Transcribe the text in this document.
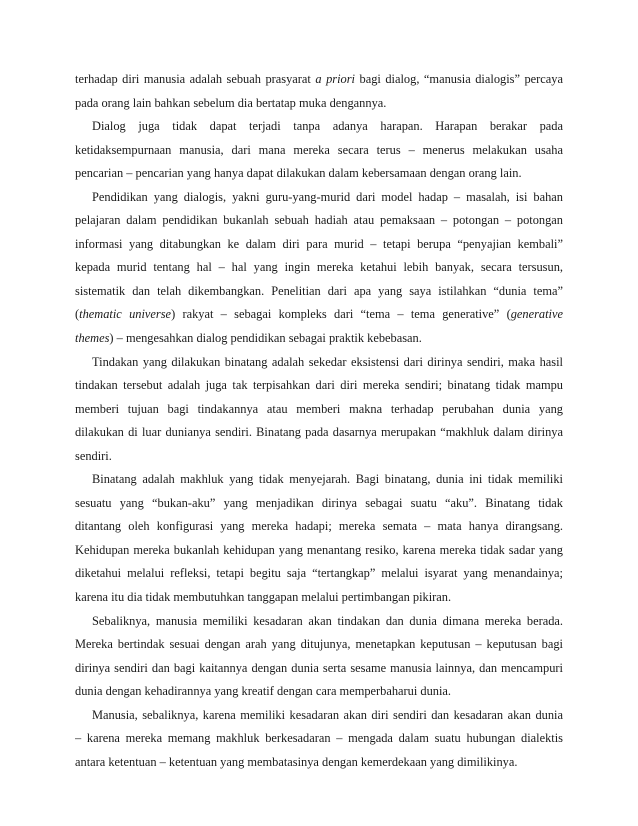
terhadap diri manusia adalah sebuah prasyarat a priori bagi dialog, “manusia dialogis” percaya
pada orang lain bahkan sebelum dia bertatap muka dengannya.
Dialog juga tidak dapat terjadi tanpa adanya harapan. Harapan berakar pada
ketidaksempurnaan manusia, dari mana mereka secara terus – menerus melakukan usaha
pencarian – pencarian yang hanya dapat dilakukan dalam kebersamaan dengan orang lain.
Pendidikan yang dialogis, yakni guru-yang-murid dari model hadap – masalah, isi bahan
pelajaran dalam pendidikan bukanlah sebuah hadiah atau pemaksaan – potongan – potongan
informasi yang ditabungkan ke dalam diri para murid – tetapi berupa “penyajian kembali”
kepada murid tentang hal – hal yang ingin mereka ketahui lebih banyak, secara tersusun,
sistematik dan telah dikembangkan. Penelitian dari apa yang saya istilahkan “dunia tema”
(thematic universe) rakyat – sebagai kompleks dari “tema – tema generative” (generative
themes) – mengesahkan dialog pendidikan sebagai praktik kebebasan.
Tindakan yang dilakukan binatang adalah sekedar eksistensi dari dirinya sendiri, maka hasil
tindakan tersebut adalah juga tak terpisahkan dari diri mereka sendiri; binatang tidak mampu
memberi tujuan bagi tindakannya atau memberi makna terhadap perubahan dunia yang
dilakukan di luar dunianya sendiri. Binatang pada dasarnya merupakan “makhluk dalam dirinya
sendiri.
Binatang adalah makhluk yang tidak menyejarah. Bagi binatang, dunia ini tidak memiliki
sesuatu yang “bukan-aku” yang menjadikan dirinya sebagai suatu “aku”. Binatang tidak
ditantang oleh konfigurasi yang mereka hadapi; mereka semata – mata hanya dirangsang.
Kehidupan mereka bukanlah kehidupan yang menantang resiko, karena mereka tidak sadar yang
diketahui melalui refleksi, tetapi begitu saja “tertangkap” melalui isyarat yang menandainya;
karena itu dia tidak membutuhkan tanggapan melalui pertimbangan pikiran.
Sebaliknya, manusia memiliki kesadaran akan tindakan dan dunia dimana mereka berada.
Mereka bertindak sesuai dengan arah yang ditujunya, menetapkan keputusan – keputusan bagi
dirinya sendiri dan bagi kaitannya dengan dunia serta sesame manusia lainnya, dan mencampuri
dunia dengan kehadirannya yang kreatif dengan cara memperbaharui dunia.
Manusia, sebaliknya, karena memiliki kesadaran akan diri sendiri dan kesadaran akan dunia
– karena mereka memang makhluk berkesadaran – mengada dalam suatu hubungan dialektis
antara ketentuan – ketentuan yang membatasinya dengan kemerdekaan yang dimilikinya.
